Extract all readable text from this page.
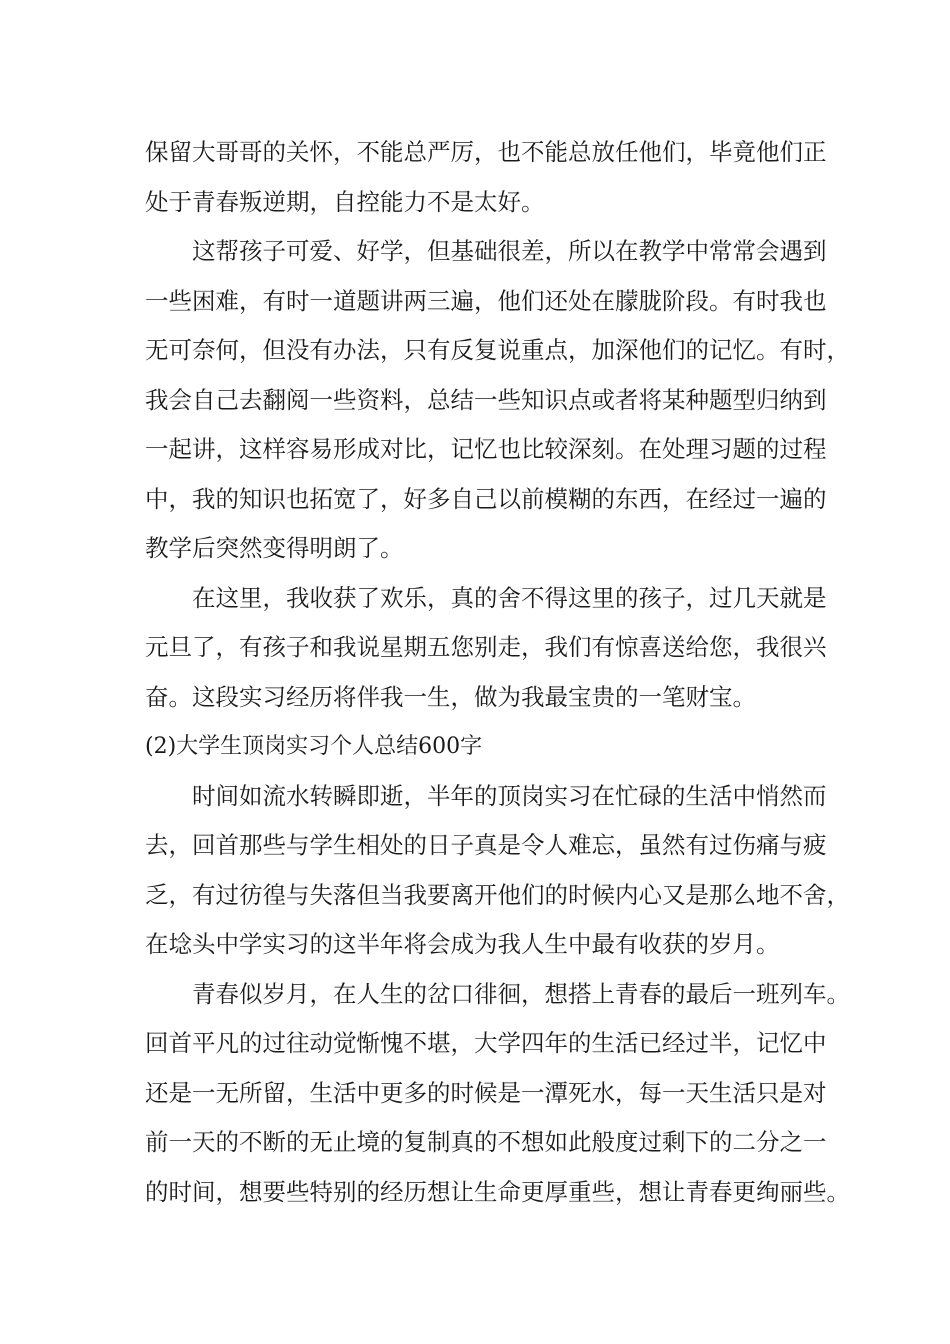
保留大哥哥的关怀，不能总严厉，也不能总放任他们，毕竟他们正
处于青春叛逆期，自控能力不是太好。
这帮孩子可爱、好学，但基础很差，所以在教学中常常会遇到
一些困难，有时一道题讲两三遍，他们还处在朦胧阶段。有时我也
无可奈何，但没有办法，只有反复说重点，加深他们的记忆。有时，
我会自己去翻阅一些资料，总结一些知识点或者将某种题型归纳到
一起讲，这样容易形成对比，记忆也比较深刻。在处理习题的过程
中，我的知识也拓宽了，好多自己以前模糊的东西，在经过一遍的
教学后突然变得明朗了。
在这里，我收获了欢乐，真的舍不得这里的孩子，过几天就是
元旦了，有孩子和我说星期五您别走，我们有惊喜送给您，我很兴
奋。这段实习经历将伴我一生，做为我最宝贵的一笔财宝。
(2)大学生顶岗实习个人总结600字
时间如流水转瞬即逝，半年的顶岗实习在忙碌的生活中悄然而
去，回首那些与学生相处的日子真是令人难忘，虽然有过伤痛与疲
乏，有过彷徨与失落但当我要离开他们的时候内心又是那么地不舍，
在埝头中学实习的这半年将会成为我人生中最有收获的岁月。
青春似岁月，在人生的岔口徘徊，想搭上青春的最后一班列车。
回首平凡的过往动觉惭愧不堪，大学四年的生活已经过半，记忆中
还是一无所留，生活中更多的时候是一潭死水，每一天生活只是对
前一天的不断的无止境的复制真的不想如此般度过剩下的二分之一
的时间，想要些特别的经历想让生命更厚重些，想让青春更绚丽些。
